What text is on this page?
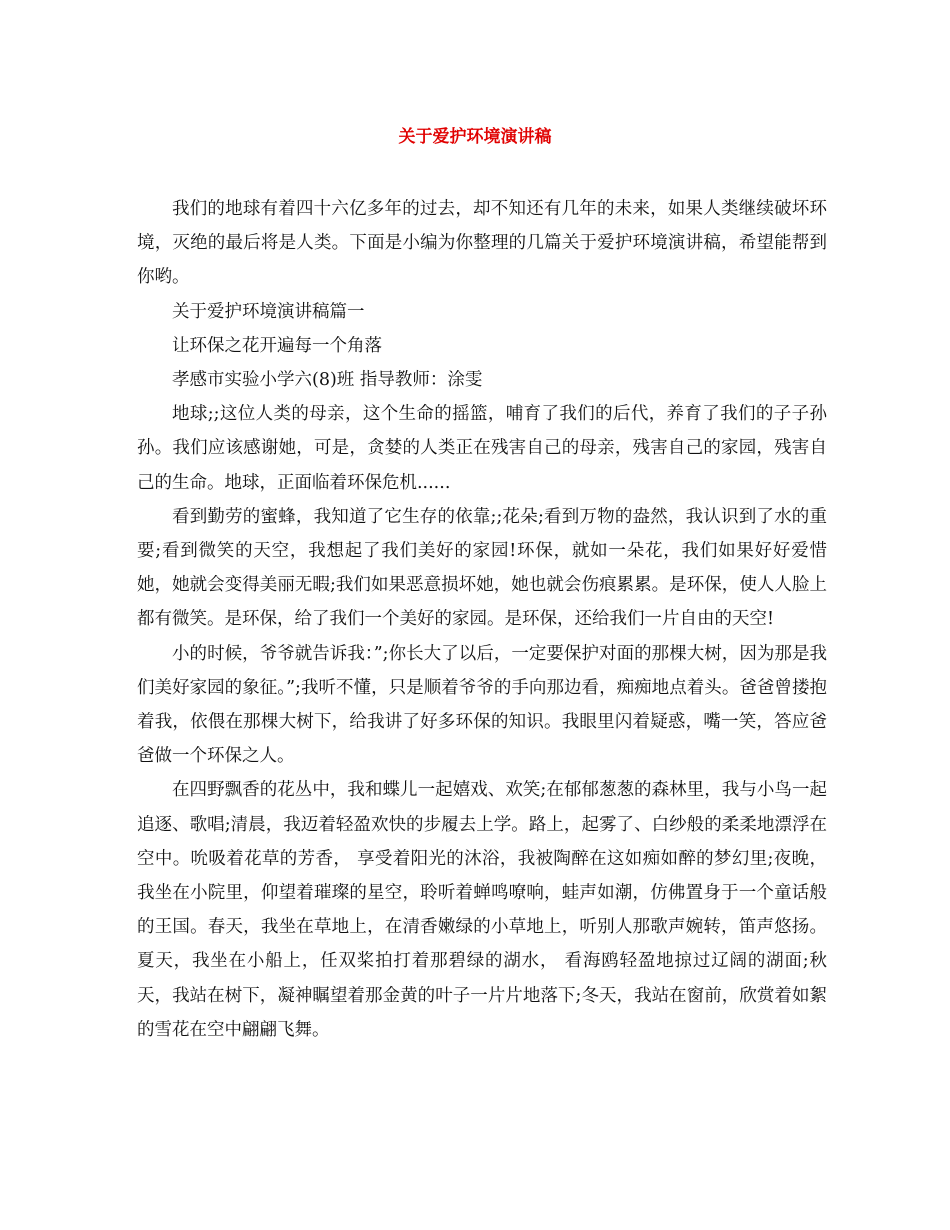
关于爱护环境演讲稿

我们的地球有着四十六亿多年的过去，却不知还有几年的未来，如果人类继续破坏环境，灭绝的最后将是人类。下面是小编为你整理的几篇关于爱护环境演讲稿，希望能帮到你哟。

关于爱护环境演讲稿篇一

让环保之花开遍每一个角落

孝感市实验小学六(8)班 指导教师：涂雯

地球;;这位人类的母亲，这个生命的摇篮，哺育了我们的后代，养育了我们的子子孙孙。我们应该感谢她，可是，贪婪的人类正在残害自己的母亲，残害自己的家园，残害自己的生命。地球，正面临着环保危机......

看到勤劳的蜜蜂，我知道了它生存的依靠;;花朵;看到万物的盎然，我认识到了水的重要;看到微笑的天空，我想起了我们美好的家园!环保，就如一朵花，我们如果好好爱惜她，她就会变得美丽无暇;我们如果恶意损坏她，她也就会伤痕累累。是环保，使人人脸上都有微笑。是环保，给了我们一个美好的家园。是环保，还给我们一片自由的天空!

小的时候，爷爷就告诉我：”;你长大了以后，一定要保护对面的那棵大树，因为那是我们美好家园的象征。”;我听不懂，只是顺着爷爷的手向那边看，痴痴地点着头。爸爸曾搂抱着我，依偎在那棵大树下，给我讲了好多环保的知识。我眼里闪着疑惑，嘴一笑，答应爸爸做一个环保之人。

在四野飘香的花丛中，我和蝶儿一起嬉戏、欢笑;在郁郁葱葱的森林里，我与小鸟一起追逐、歌唱;清晨，我迈着轻盈欢快的步履去上学。路上，起雾了、白纱般的柔柔地漂浮在空中。吮吸着花草的芳香， 享受着阳光的沐浴，我被陶醉在这如痴如醉的梦幻里;夜晚，我坐在小院里，仰望着璀璨的星空，聆听着蝉鸣嘹响，蛙声如潮，仿佛置身于一个童话般的王国。春天，我坐在草地上，在清香嫩绿的小草地上，听别人那歌声婉转，笛声悠扬。 夏天，我坐在小船上，任双桨拍打着那碧绿的湖水， 看海鸥轻盈地掠过辽阔的湖面;秋天，我站在树下，凝神瞩望着那金黄的叶子一片片地落下;冬天，我站在窗前，欣赏着如絮的雪花在空中翩翩飞舞。
